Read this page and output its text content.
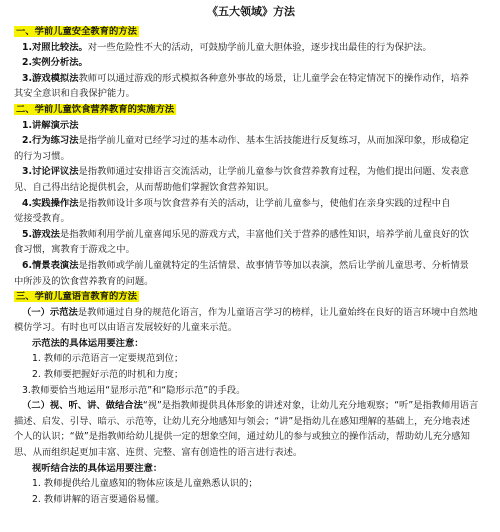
《五大领域》方法
一、学前儿童安全教育的方法
1.对照比较法。对一些危险性不大的活动，可鼓励学前儿童大胆体验，逐步找出最佳的行为保护法。
2.实例分析法。
3.游戏模拟法教师可以通过游戏的形式模拟各种意外事故的场景，让儿童学会在特定情况下的操作动作，培养
其安全意识和自我保护能力。
二、学前儿童饮食营养教育的实施方法
1.讲解演示法
2.行为练习法是指学前儿童对已经学习过的基本动作、基本生活技能进行反复练习，从而加深印象，形成稳定
的行为习惯。
3.讨论评议法是指教师通过安排语言交流活动，让学前儿童参与饮食营养教育过程，为他们提出问题、发表意
见、自己得出结论提供机会，从而帮助他们掌握饮食营养知识。
4.实践操作法是指教师设计多项与饮食营养有关的活动，让学前儿童参与，使他们在亲身实践的过程中自
觉接受教育。
5.游戏法是指教师利用学前儿童喜闻乐见的游戏方式，丰富他们关于营养的感性知识，培养学前儿童良好的饮
食习惯，寓教育于游戏之中。
6.情景表演法是指教师或学前儿童就特定的生活情景、故事情节等加以表演，然后让学前儿童思考、分析情景
中所涉及的饮食营养教育的问题。
三、学前儿童语言教育的方法
（一）示范法是教师通过自身的规范化语言，作为儿童语言学习的榜样，让儿童始终在良好的语言环境中自然地
模仿学习。有时也可以由语言发展较好的儿童来示范。
示范法的具体运用要注意：
1. 教师的示范语言一定要规范到位；
2. 教师要把握好示范的时机和力度；
3.教师要恰当地运用“显形示范”和“隐形示范”的手段。
（二）视、听、讲、做结合法“视”是指教师提供具体形象的讲述对象，让幼儿充分地观察；“听”是指教师用语言
描述、启发、引导、暗示、示范等，让幼儿充分地感知与领会；“讲”是指幼儿在感知理解的基础上，充分地表述
个人的认识；“做”是指教师给幼儿提供一定的想象空间，通过幼儿的参与或独立的操作活动，帮助幼儿充分感知
思、从而组织起更加丰富、连贯、完整、富有创造性的语言进行表述。
视听结合法的具体运用要注意：
1. 教师提供给儿童感知的物体应该是儿童熟悉认识的；
2. 教师讲解的语言要通俗易懂。
